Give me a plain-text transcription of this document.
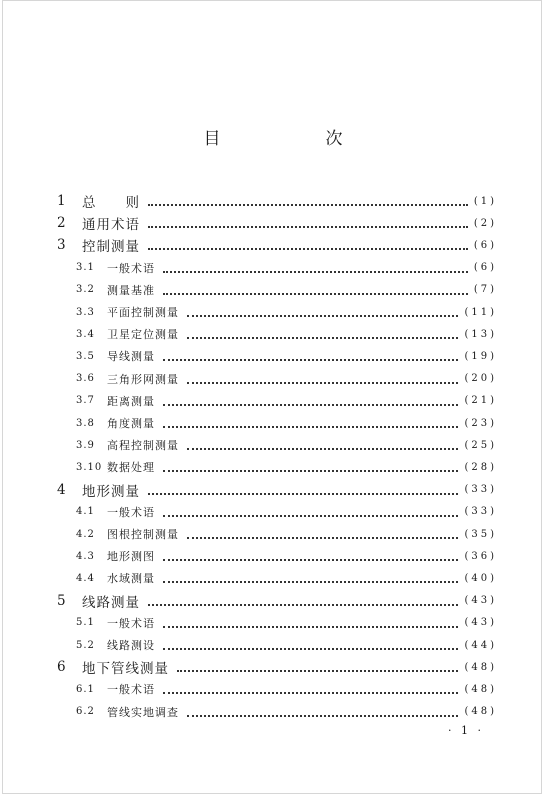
目　次
1	总　　则	(1)
2	通用术语	(2)
3	控制测量	(6)
3.1	一般术语	(6)
3.2	测量基准	(7)
3.3	平面控制测量	(11)
3.4	卫星定位测量	(13)
3.5	导线测量	(19)
3.6	三角形网测量	(20)
3.7	距离测量	(21)
3.8	角度测量	(23)
3.9	高程控制测量	(25)
3.10 数据处理	(28)
4	地形测量	(33)
4.1	一般术语	(33)
4.2	图根控制测量	(35)
4.3	地形测图	(36)
4.4	水域测量	(40)
5	线路测量	(43)
5.1	一般术语	(43)
5.2	线路测设	(44)
6	地下管线测量	(48)
6.1	一般术语	(48)
6.2	管线实地调查	(48)
· 1 ·
